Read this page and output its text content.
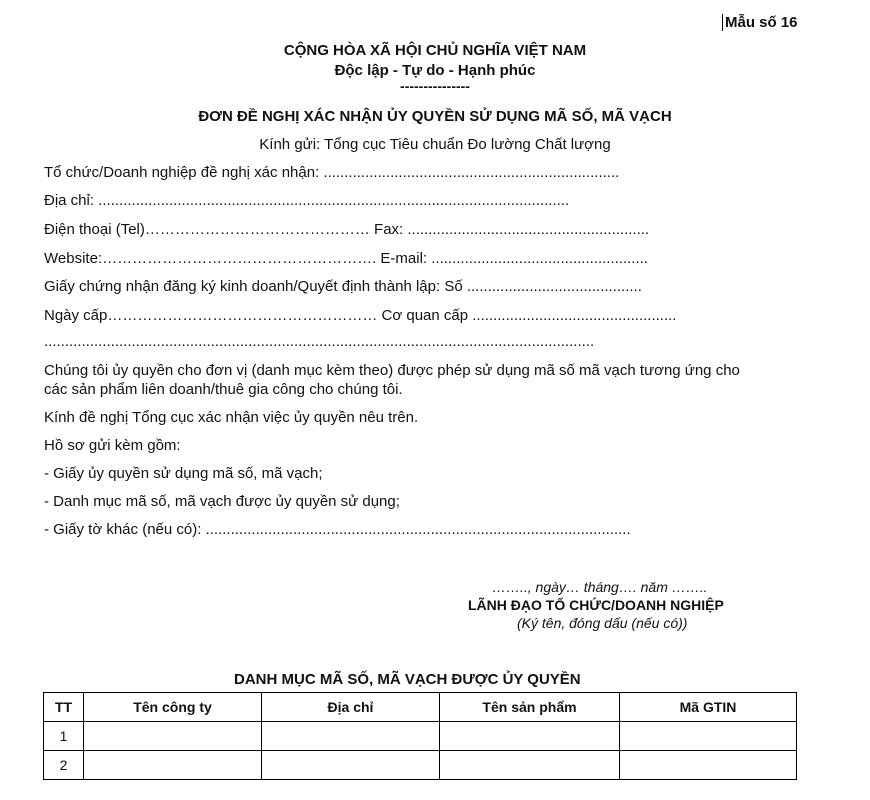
Mẫu số 16
CỘNG HÒA XÃ HỘI CHỦ NGHĨA VIỆT NAM
Độc lập - Tự do - Hạnh phúc
---------------
ĐƠN ĐỀ NGHỊ XÁC NHẬN ỦY QUYỀN SỬ DỤNG MÃ SỐ, MÃ VẠCH
Kính gửi: Tổng cục Tiêu chuẩn Đo lường Chất lượng
Tổ chức/Doanh nghiệp đề nghị xác nhận: .......................................................................
Địa chỉ: .................................................................................................................
Điện thoại (Tel)……………………………………… Fax: ..........................................................
Website:………………………………………………. E-mail: ....................................................
Giấy chứng nhận đăng ký kinh doanh/Quyết định thành lập: Số ..........................................
Ngày cấp……………………………………………… Cơ quan cấp .................................................
....................................................................................................................................
Chúng tôi ủy quyền cho đơn vị (danh mục kèm theo) được phép sử dụng mã số mã vạch tương ứng cho
các sản phẩm liên doanh/thuê gia công cho chúng tôi.
Kính đề nghị Tổng cục xác nhận việc ủy quyền nêu trên.
Hồ sơ gửi kèm gồm:
- Giấy ủy quyền sử dụng mã số, mã vạch;
- Danh mục mã số, mã vạch được ủy quyền sử dụng;
- Giấy tờ khác (nếu có): ......................................................................................................
…….., ngày… tháng…. năm ……..
LÃNH ĐẠO TỔ CHỨC/DOANH NGHIỆP
(Ký tên, đóng dấu (nếu có))
DANH MỤC MÃ SỐ, MÃ VẠCH ĐƯỢC ỦY QUYỀN
TT	Tên công ty	Địa chỉ	Tên sản phẩm	Mã GTIN
1				
2				
